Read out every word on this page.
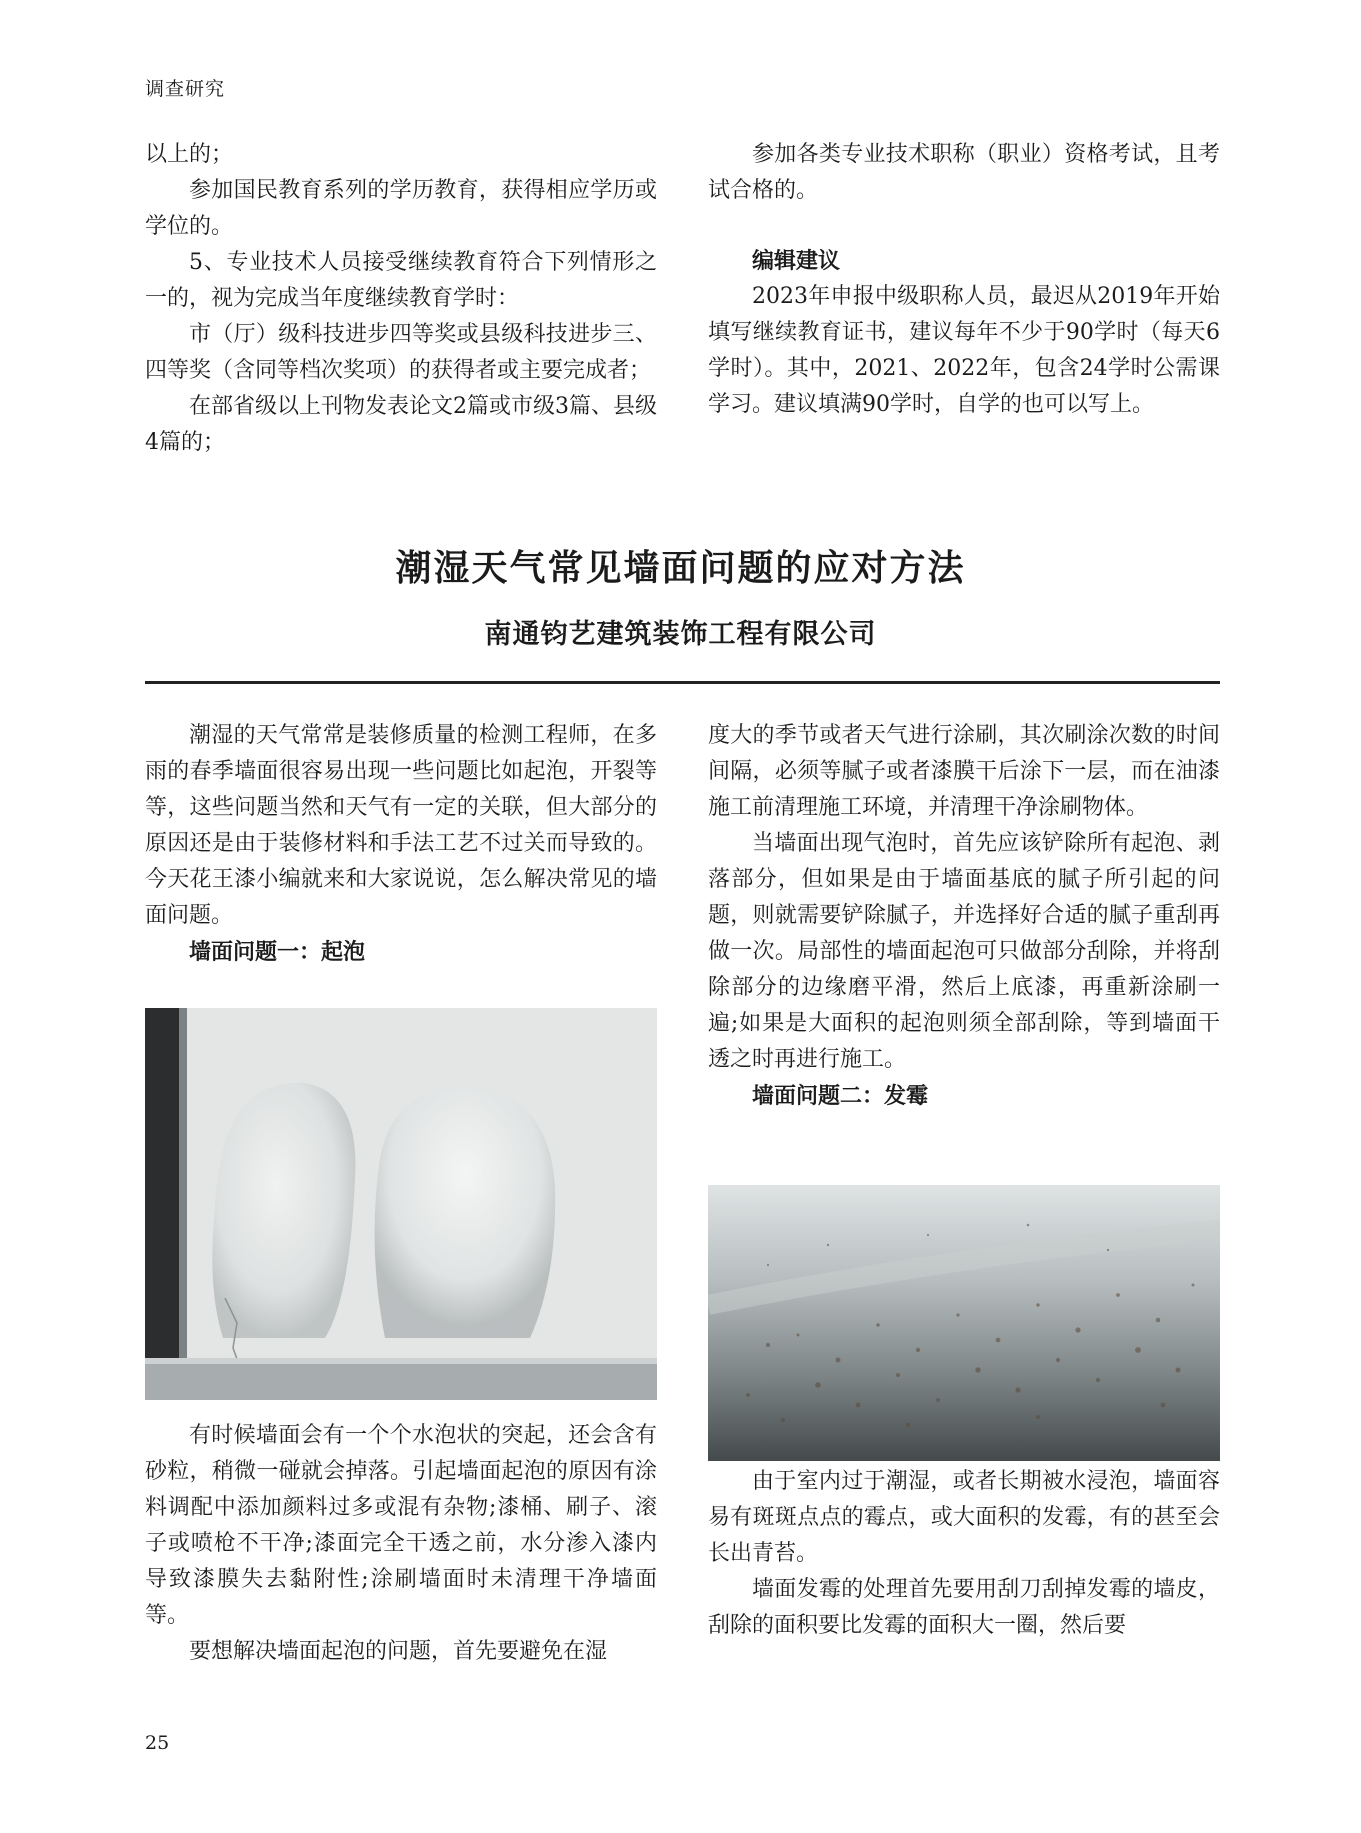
调查研究

以上的；

参加国民教育系列的学历教育，获得相应学历或学位的。

5、专业技术人员接受继续教育符合下列情形之一的，视为完成当年度继续教育学时：

市（厅）级科技进步四等奖或县级科技进步三、四等奖（含同等档次奖项）的获得者或主要完成者；

在部省级以上刊物发表论文2篇或市级3篇、县级4篇的；

参加各类专业技术职称（职业）资格考试，且考试合格的。

编辑建议

2023年申报中级职称人员，最迟从2019年开始填写继续教育证书，建议每年不少于90学时（每天6学时）。其中，2021、2022年，包含24学时公需课学习。建议填满90学时，自学的也可以写上。

潮湿天气常见墙面问题的应对方法
南通钧艺建筑装饰工程有限公司

潮湿的天气常常是装修质量的检测工程师，在多雨的春季墙面很容易出现一些问题比如起泡，开裂等等，这些问题当然和天气有一定的关联，但大部分的原因还是由于装修材料和手法工艺不过关而导致的。今天花王漆小编就来和大家说说，怎么解决常见的墙面问题。

墙面问题一：起泡

有时候墙面会有一个个水泡状的突起，还会含有砂粒，稍微一碰就会掉落。引起墙面起泡的原因有涂料调配中添加颜料过多或混有杂物;漆桶、刷子、滚子或喷枪不干净;漆面完全干透之前，水分渗入漆内导致漆膜失去黏附性;涂刷墙面时未清理干净墙面等。

要想解决墙面起泡的问题，首先要避免在湿

度大的季节或者天气进行涂刷，其次刷涂次数的时间间隔，必须等腻子或者漆膜干后涂下一层，而在油漆施工前清理施工环境，并清理干净涂刷物体。

当墙面出现气泡时，首先应该铲除所有起泡、剥落部分，但如果是由于墙面基底的腻子所引起的问题，则就需要铲除腻子，并选择好合适的腻子重刮再做一次。局部性的墙面起泡可只做部分刮除，并将刮除部分的边缘磨平滑，然后上底漆，再重新涂刷一遍;如果是大面积的起泡则须全部刮除，等到墙面干透之时再进行施工。

墙面问题二：发霉

由于室内过于潮湿，或者长期被水浸泡，墙面容易有斑斑点点的霉点，或大面积的发霉，有的甚至会长出青苔。

墙面发霉的处理首先要用刮刀刮掉发霉的墙皮，刮除的面积要比发霉的面积大一圈，然后要

25
